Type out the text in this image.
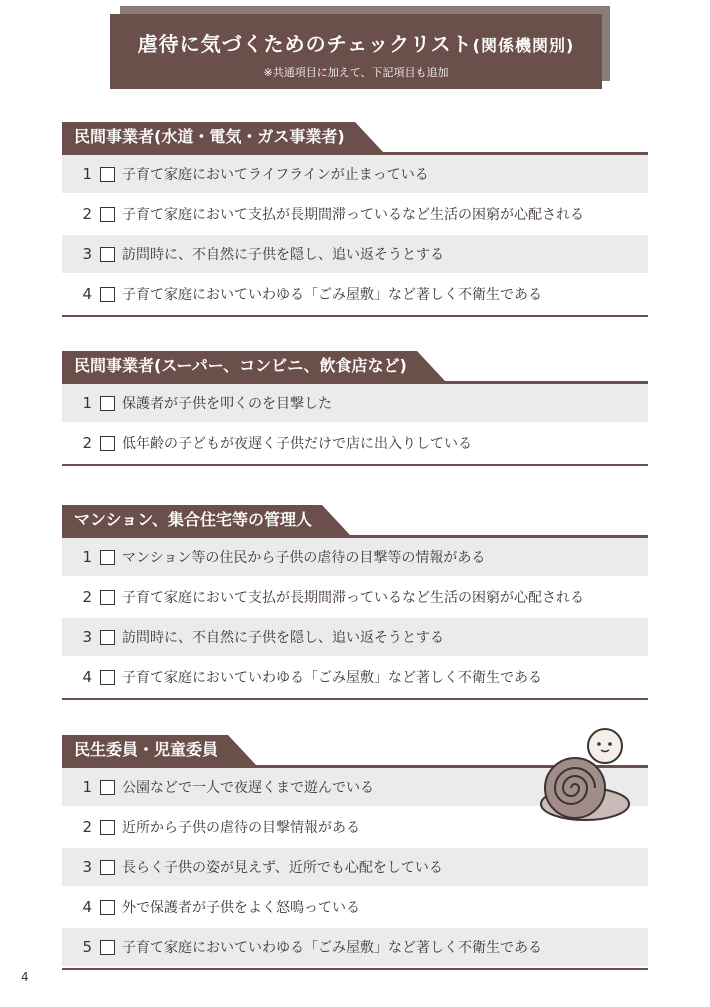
虐待に気づくためのチェックリスト(関係機関別)
※共通項目に加えて、下記項目も追加
民間事業者(水道・電気・ガス事業者)
1 子育て家庭においてライフラインが止まっている
2 子育て家庭において支払が長期間滞っているなど生活の困窮が心配される
3 訪問時に、不自然に子供を隠し、追い返そうとする
4 子育て家庭においていわゆる「ごみ屋敷」など著しく不衛生である
民間事業者(スーパー、コンビニ、飲食店など)
1 保護者が子供を叩くのを目撃した
2 低年齢の子どもが夜遅く子供だけで店に出入りしている
マンション、集合住宅等の管理人
1 マンション等の住民から子供の虐待の目撃等の情報がある
2 子育て家庭において支払が長期間滞っているなど生活の困窮が心配される
3 訪問時に、不自然に子供を隠し、追い返そうとする
4 子育て家庭においていわゆる「ごみ屋敷」など著しく不衛生である
民生委員・児童委員
1 公園などで一人で夜遅くまで遊んでいる
2 近所から子供の虐待の目撃情報がある
3 長らく子供の姿が見えず、近所でも心配をしている
4 外で保護者が子供をよく怒鳴っている
5 子育て家庭においていわゆる「ごみ屋敷」など著しく不衛生である
4
